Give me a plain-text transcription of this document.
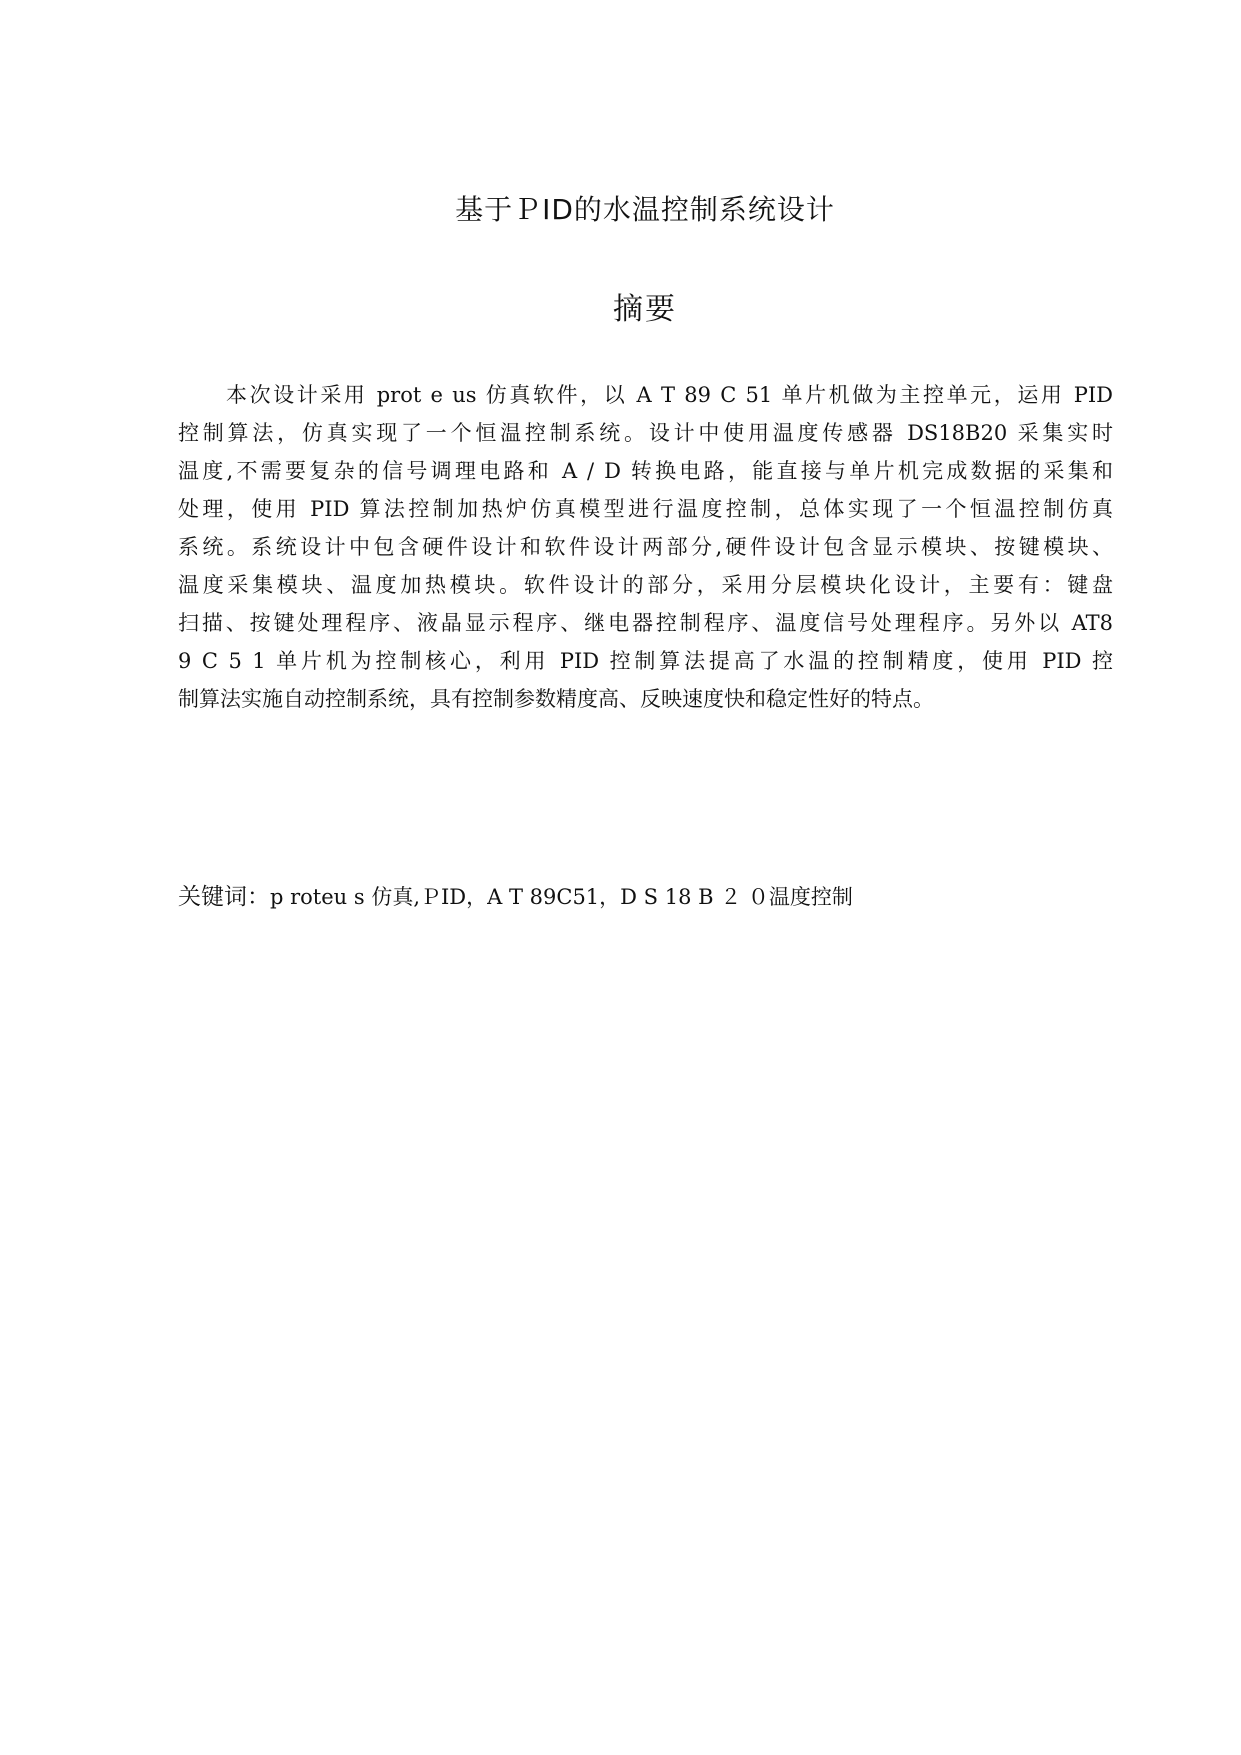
基于ＰID的水温控制系统设计
摘要
本次设计采用 prot e us 仿真软件，以 A T 89 C 51 单片机做为主控单元，运用 PID
控制算法，仿真实现了一个恒温控制系统。设计中使用温度传感器 DS18B20 采集实时
温度,不需要复杂的信号调理电路和 A / D 转换电路，能直接与单片机完成数据的采集和
处理，使用 PID 算法控制加热炉仿真模型进行温度控制，总体实现了一个恒温控制仿真
系统。系统设计中包含硬件设计和软件设计两部分,硬件设计包含显示模块、按键模块、
温度采集模块、温度加热模块。软件设计的部分，采用分层模块化设计，主要有：键盘
扫描、按键处理程序、液晶显示程序、继电器控制程序、温度信号处理程序。另外以 AT8
9 C 5 1 单片机为控制核心，利用 PID 控制算法提高了水温的控制精度，使用 PID 控
制算法实施自动控制系统，具有控制参数精度高、反映速度快和稳定性好的特点。
关键词：p roteu s 仿真,ＰID，A T 89C51，D S 18 B ２ ０温度控制
